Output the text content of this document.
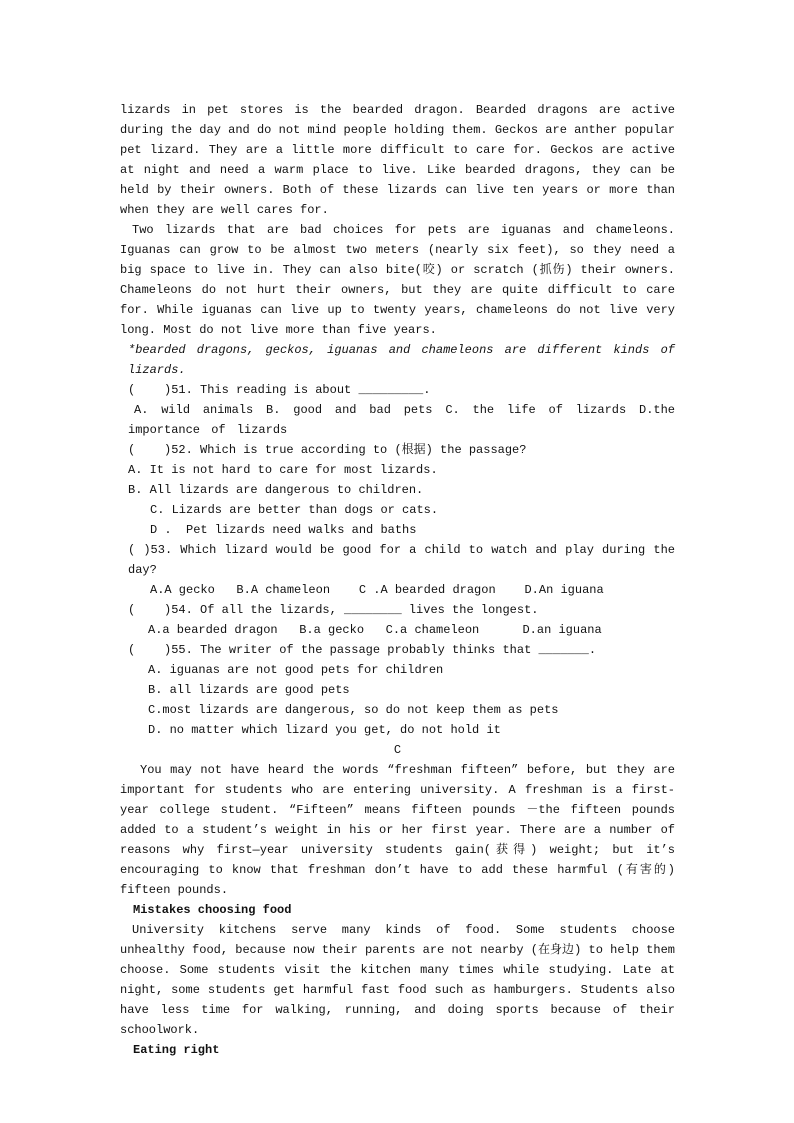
lizards in pet stores is the bearded dragon. Bearded dragons are active during the day and do not mind people holding them. Geckos are anther popular pet lizard. They are a little more difficult to care for. Geckos are active at night and need a warm place to live. Like bearded dragons, they can be held by their owners. Both of these lizards can live ten years or more than when they are well cares for.

Two lizards that are bad choices for pets are iguanas and chameleons. Iguanas can grow to be almost two meters (nearly six feet), so they need a big space to live in. They can also bite(咬) or scratch (抓伤) their owners. Chameleons do not hurt their owners, but they are quite difficult to care for. While iguanas can live up to twenty years, chameleons do not live very long. Most do not live more than five years.

*bearded dragons, geckos, iguanas and chameleons are different kinds of lizards.

(    )51. This reading is about _________.

A. wild animals B. good and bad pets C. the life of lizards D.the importance of lizards

(    )52. Which is true according to (根据) the passage?

A. It is not hard to care for most lizards.

B. All lizards are dangerous to children.

C. Lizards are better than dogs or cats.

D .  Pet lizards need walks and baths

( )53. Which lizard would be good for a child to watch and play during the day?

A.A gecko   B.A chameleon    C .A bearded dragon    D.An iguana

(    )54. Of all the lizards, ________ lives the longest.

A.a bearded dragon   B.a gecko   C.a chameleon      D.an iguana

(    )55. The writer of the passage probably thinks that _______.

A. iguanas are not good pets for children

B. all lizards are good pets

C.most lizards are dangerous, so do not keep them as pets

D. no matter which lizard you get, do not hold it

C

You may not have heard the words “freshman fifteen” before, but they are important for students who are entering university. A freshman is a first-year college student. “Fifteen” means fifteen pounds －the fifteen pounds added to a student’s weight in his or her first year. There are a number of reasons why first—year university students gain(获得) weight; but it’s encouraging to know that freshman don’t have to add these harmful (有害的) fifteen pounds.

Mistakes choosing food

University kitchens serve many kinds of food. Some students choose unhealthy food, because now their parents are not nearby (在身边) to help them choose. Some students visit the kitchen many times while studying. Late at night, some students get harmful fast food such as hamburgers. Students also have less time for walking, running, and doing sports because of their schoolwork.

Eating right
